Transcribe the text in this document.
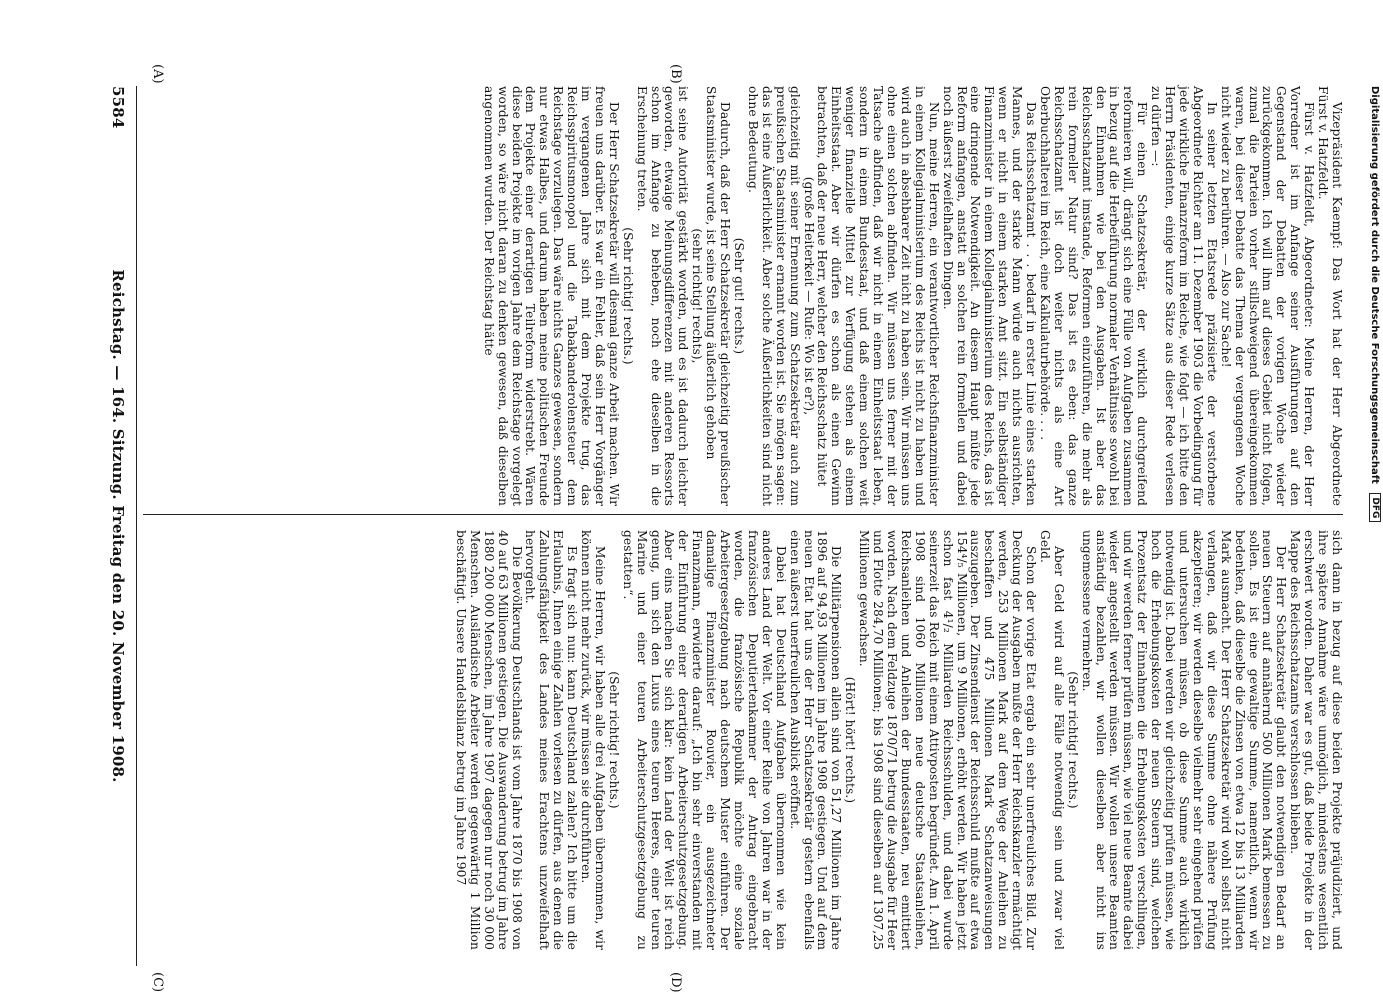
5584
Reichstag. — 164. Sitzung. Freitag den 20. November 1908.
(A)	(B)
(C)	(D)

Vizepräsident Kaempf: Das Wort hat der Herr Abgeordnete Fürst v. Hatzfeldt.

Fürst v. Hatzfeldt, Abgeordneter: Meine Herren, der Herr Vorredner ist im Anfange seiner Ausführungen auf den Gegenstand der Debatten der vorigen Woche wieder zurückgekommen. Ich will ihm auf dieses Gebiet nicht folgen, zumal die Parteien vorher stillschweigend übereingekommen waren, bei dieser Debatte das Thema der vergangenen Woche nicht wieder zu berühren. — Also zur Sache!

In seiner letzten Etatsrede präzisierte der verstorbene Abgeordnete Richter am 11. Dezember 1903 die Vorbedingung für jede wirkliche Finanzreform im Reiche, wie folgt — ich bitte den Herrn Präsidenten, einige kurze Sätze aus dieser Rede verlesen zu dürfen —:

Für einen Schatzsekretär, der wirklich durchgreifend reformieren will, drängt sich eine Fülle von Aufgaben zusammen in bezug auf die Herbeiführung normaler Verhältnisse sowohl bei den Einnahmen wie bei den Ausgaben. Ist aber das Reichsschatzamt imstande, Reformen einzuführen, die mehr als rein formeller Natur sind? Das ist es eben: das ganze Reichsschatzamt ist doch weiter nichts als eine Art Oberbuchhalterei im Reich, eine Kalkulaturbehörde. . . .

Das Reichsschatzamt . . . bedarf in erster Linie eines starken Mannes, und der starke Mann würde auch nichts ausrichten, wenn er nicht in einem starken Amt sitzt. Ein selbständiger Finanzminister in einem Kollegialministerium des Reichs, das ist eine dringende Notwendigkeit. An diesem Haupt müßte jede Reform anfangen, anstatt an solchen rein formellen und dabei noch äußerst zweifelhaften Dingen.

Nun, meine Herren, ein verantwortlicher Reichsfinanzminister in einem Kollegialministerium des Reichs ist nicht zu haben und wird auch in absehbarer Zeit nicht zu haben sein. Wir müssen uns ohne einen solchen abfinden. Wir müssen uns ferner mit der Tatsache abfinden, daß wir nicht in einem Einheitsstaat leben, sondern in einem Bundesstaat, und daß einem solchen weit weniger finanzielle Mittel zur Verfügung stehen als einem Einheitsstaat. Aber wir dürfen es schon als einen Gewinn betrachten, daß der neue Herr, welcher den Reichsschatz hütet

(große Heiterkeit — Rufe: Wo ist er?),

gleichzeitig mit seiner Ernennung zum Schatzsekretär auch zum preußischen Staatsminister ernannt worden ist. Sie mögen sagen: das ist eine Äußerlichkeit. Aber solche Äußerlichkeiten sind nicht ohne Bedeutung.

(Sehr gut! rechts.)

Dadurch, daß der Herr Schatzsekretär gleichzeitig preußischer Staatsminister wurde, ist seine Stellung äußerlich gehoben

(sehr richtig! rechts),

ist seine Autorität gestärkt worden, und es ist dadurch leichter geworden, etwaige Meinungsdifferenzen mit anderen Ressorts schon im Anfange zu beheben, noch ehe dieselben in die Erscheinung treten.

(Sehr richtig! rechts.)

Der Herr Schatzsekretär will diesmal ganze Arbeit machen. Wir freuen uns darüber. Es war ein Fehler, daß sein Herr Vorgänger im vergangenen Jahre sich mit dem Projekte trug, das Reichsspiritusmonopol und die Tabakbanderolensteuer dem Reichstage vorzulegen. Das wäre nichts Ganzes gewesen, sondern nur etwas Halbes, und darum haben meine politischen Freunde dem Projekte einer derartigen Teilreform widerstrebt. Wären diese beiden Projekte im vorigen Jahre dem Reichstage vorgelegt worden, so wäre nicht daran zu denken gewesen, daß dieselben angenommen wurden. Der Reichstag hätte

sich dann in bezug auf diese beiden Projekte präjudiziert, und ihre spätere Annahme wäre unmöglich, mindestens wesentlich erschwert worden. Daher war es gut, daß beide Projekte in der Mappe des Reichsschatzamts verschlossen blieben.

Der Herr Schatzsekretär glaubt den notwendigen Bedarf an neuen Steuern auf annähernd 500 Millionen Mark bemessen zu sollen. Es ist eine gewaltige Summe, namentlich, wenn wir bedenken, daß dieselbe die Zinsen von etwa 12 bis 13 Milliarden Mark ausmacht. Der Herr Schatzsekretär wird wohl selbst nicht verlangen, daß wir diese Summe ohne nähere Prüfung akzeptieren; wir werden dieselbe vielmehr sehr eingehend prüfen und untersuchen müssen, ob diese Summe auch wirklich notwendig ist. Dabei werden wir gleichzeitig prüfen müssen, wie hoch die Erhebungskosten der neuen Steuern sind, welchen Prozentsatz der Einnahmen die Erhebungskosten verschlingen, und wir werden ferner prüfen müssen, wie viel neue Beamte dabei wieder angestellt werden müssen. Wir wollen unsere Beamten anständig bezahlen, wir wollen dieselben aber nicht ins ungemessene vermehren.

(Sehr richtig! rechts.)

Aber Geld wird auf alle Fälle notwendig sein und zwar viel Geld.

Schon der vorige Etat ergab ein sehr unerfreuliches Bild. Zur Deckung der Ausgaben mußte der Herr Reichskanzler ermächtigt werden, 253 Millionen Mark auf dem Wege der Anleihen zu beschaffen und 475 Millionen Mark Schatzanweisungen auszugeben. Der Zinsendienst der Reichsschuld mußte auf etwa 154⁴/₅ Millionen, um 9 Millionen, erhöht werden. Wir haben jetzt schon fast 4¹/₂ Milliarden Reichsschulden, und dabei wurde seinerzeit das Reich mit einem Attivposten begründet. Am 1. April 1908 sind 1060 Millionen neue deutsche Staatsanleihen, Reichsanleihen und Anleihen der Bundesstaaten, neu emittiert worden. Nach dem Feldzuge 1870/71 betrug die Ausgabe für Heer und Flotte 284,70 Millionen; bis 1908 sind dieselben auf 1307,25 Millionen gewachsen.

(Hört! hört! rechts.)

Die Militärpensionen allein sind von 51,27 Millionen im Jahre 1896 auf 94,93 Millionen im Jahre 1908 gestiegen. Und auf dem neuen Etat hat uns der Herr Schatzsekretär gestern ebenfalls einen äußerst unerfreulichen Ausblick eröffnet.

Dabei hat Deutschland Aufgaben übernommen wie kein anderes Land der Welt. Vor einer Reihe von Jahren war in der französischen Deputiertenkammer der Antrag eingebracht worden, die französische Republik möchte eine soziale Arbeitergesetzgebung nach deutschem Muster einführen. Der damalige Finanzminister Rouvier, ein ausgezeichneter Finanzmann, erwiderte darauf: „Ich bin sehr einverstanden mit der Einführung einer derartigen Arbeiterschutzgesetzgebung. Aber eins machen Sie sich klar: kein Land der Welt ist reich genug, um sich den Luxus eines teuren Heeres, einer teuren Marine und einer teuren Arbeiterschutzgesetzgebung zu gestatten“.

(Sehr richtig! rechts.)

Meine Herren, wir haben alle drei Aufgaben übernommen, wir können nicht mehr zurück, wir müssen sie durchführen.

Es fragt sich nun: kann Deutschland zahlen? Ich bitte um die Erlaubnis, Ihnen einige Zahlen vorlesen zu dürfen, aus denen die Zahlungsfähigkeit des Landes meines Erachtens unzweifelhaft hervorgeht.

Die Bevölkerung Deutschlands ist vom Jahre 1870 bis 1908 von 40 auf 63 Millionen gestiegen. Die Auswanderung betrug im Jahre 1880 200 000 Menschen, im Jahre 1907 dagegen nur noch 30 000 Menschen. Ausländische Arbeiter werden gegenwärtig 1 Million beschäftigt. Unsere Handelsbilanz betrug im Jahre 1907

Digitalisierung gefördert durch die Deutsche Forschungsgemeinschaft DFG
